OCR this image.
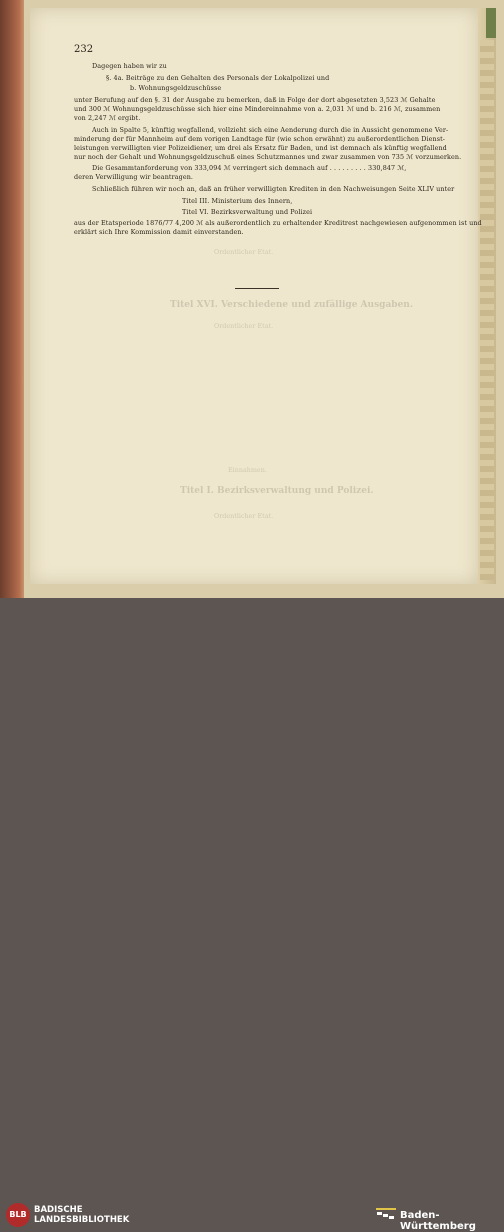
232
Dagegen haben wir zu
§. 4a. Beiträge zu den Gehalten des Personals der Lokalpolizei und
b. Wohnungsgeldzuschüsse
unter Berufung auf den §. 31 der Ausgabe zu bemerken, daß in Folge der dort abgesetzten 3,523 ℳ Gehalte
und 300 ℳ Wohnungsgeldzuschüsse sich hier eine Mindereinnahme von a. 2,031 ℳ und b. 216 ℳ, zusammen
von 2,247 ℳ ergibt.
Auch in Spalte 5, künftig wegfallend, vollzieht sich eine Aenderung durch die in Aussicht genommene Ver-
minderung der für Mannheim auf dem vorigen Landtage für (wie schon erwähnt) zu außerordentlichen Dienst-
leistungen verwilligten vier Polizeidiener, um drei als Ersatz für Baden, und ist demnach als künftig wegfallend
nur noch der Gehalt und Wohnungsgeldzuschuß eines Schutzmannes und zwar zusammen von 735 ℳ vorzumerken.
Die Gesammtanforderung von 333,094 ℳ verringert sich demnach auf . . . . . . . . . 330,847 ℳ,
deren Verwilligung wir beantragen.
Schließlich führen wir noch an, daß an früher verwilligten Krediten in den Nachweisungen Seite XLIV unter
Titel III. Ministerium des Innern,
Titel VI. Bezirksverwaltung und Polizei
aus der Etatsperiode 1876/77 4,200 ℳ als außerordentlich zu erhaltender Kreditrest nachgewiesen aufgenommen ist und
erklärt sich Ihre Kommission damit einverstanden.
Ordentlicher Etat.
Titel XVI. Verschiedene und zufällige Ausgaben.
Ordentlicher Etat.
Einnahmen.
Titel I. Bezirksverwaltung und Polizei.
Ordentlicher Etat.
BLB BADISCHE
LANDESBIBLIOTHEK	Baden-Württemberg
